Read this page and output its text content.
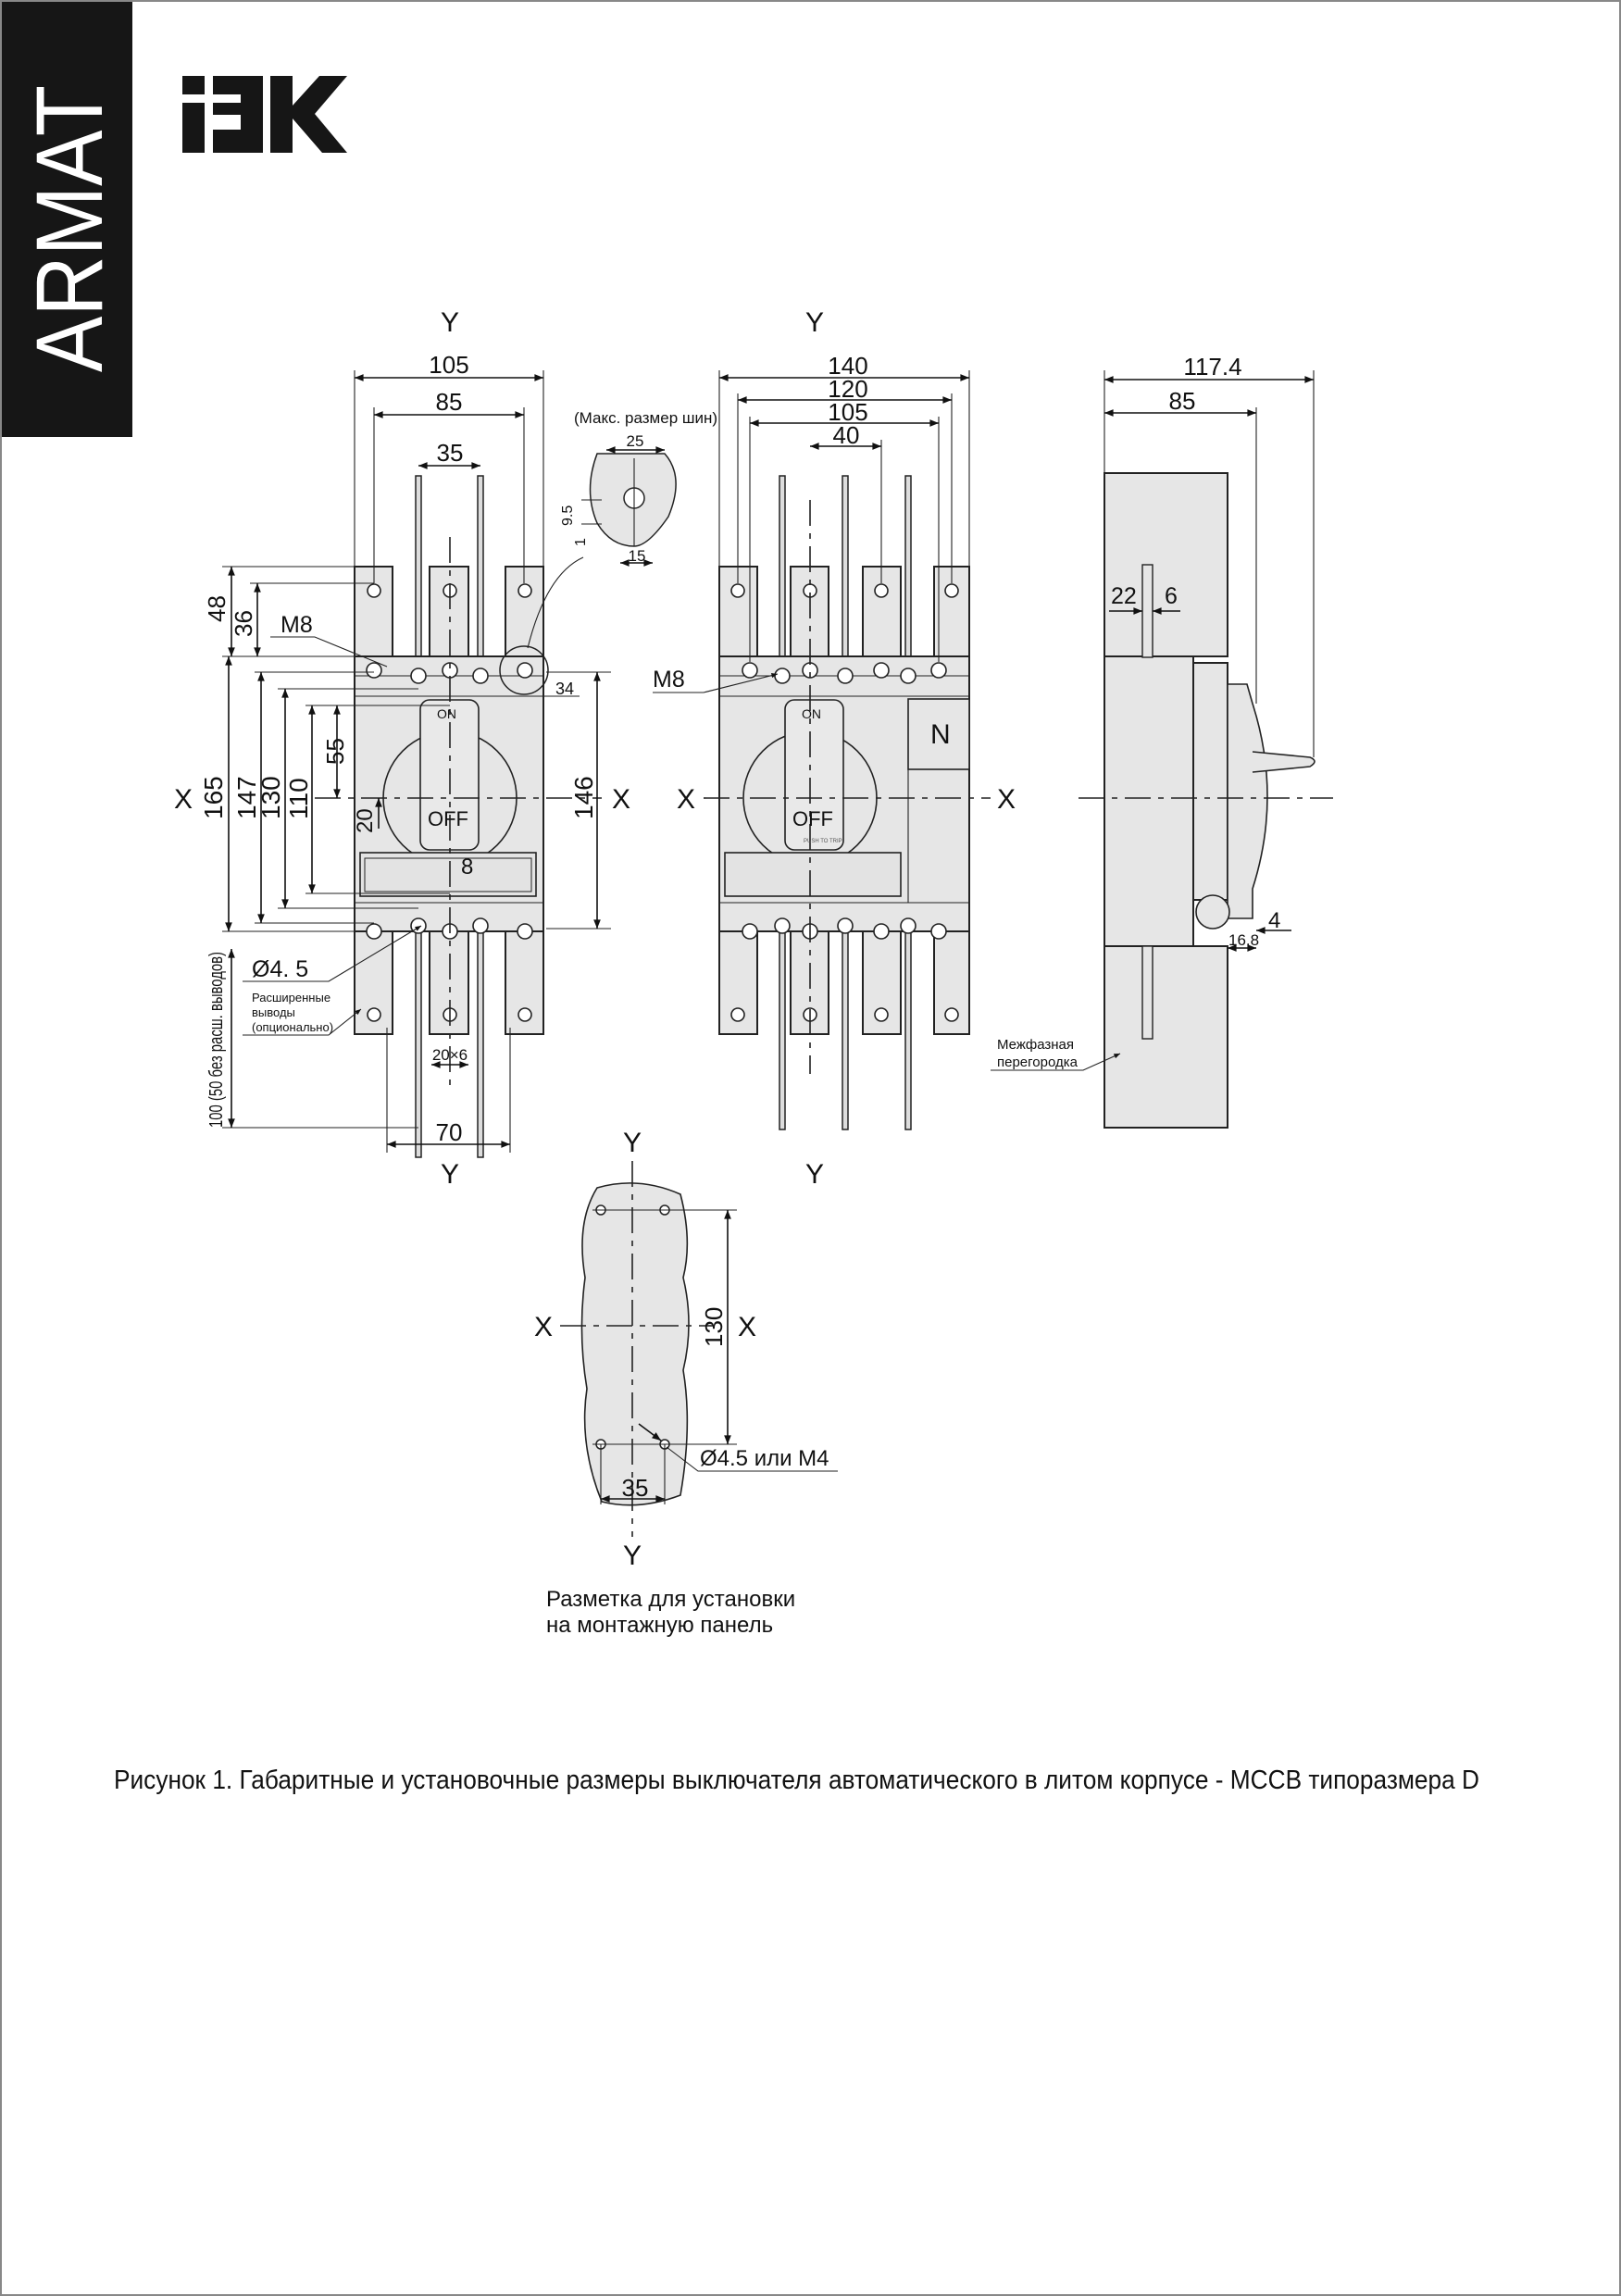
ARMAT
ON
OFF
Y
Y
X	X
105
85
35
48
36
165 147
130 110
55
20
146
34
8
M8
Ø4. 5
Расширенные
выводы
(опционально)
20×6
100 (50 без расш. выводов)
70
(Макс. размер шин)
25
15
9.5
1
N
ON
OFF
PUSH TO TRIP
Y
Y
X	X
140
120
105
40
M8
117.4
85
22 6
4
16.8
Межфазная
перегородка
130
35
Ø4.5 или M4
Y
Y
X	X
Разметка для установки
на монтажную панель
Рисунок 1. Габаритные и установочные размеры выключателя автоматического в литом корпусе - MCCB типоразмера D
